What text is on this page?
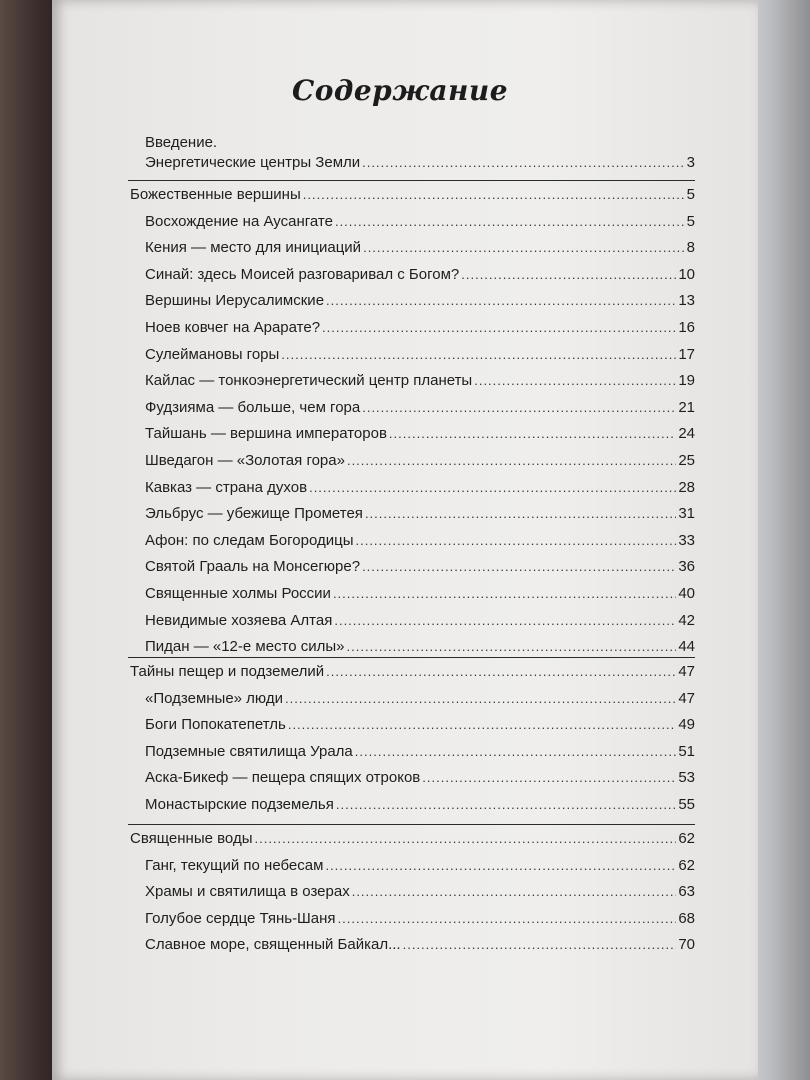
Содержание
Введение.
Энергетические центры Земли .....	3
Божественные вершины .....	5
Восхождение на Аусангате .....	5
Кения — место для инициаций .....	8
Синай: здесь Моисей разговаривал с Богом? .....	10
Вершины Иерусалимские .....	13
Ноев ковчег на Арарате? .....	16
Сулеймановы горы .....	17
Кайлас — тонкоэнергетический центр планеты .....	19
Фудзияма — больше, чем гора .....	21
Тайшань — вершина императоров .....	24
Шведагон — «Золотая гора» .....	25
Кавказ — страна духов .....	28
Эльбрус — убежище Прометея .....	31
Афон: по следам Богородицы .....	33
Святой Грааль на Монсегюре? .....	36
Священные холмы России .....	40
Невидимые хозяева Алтая .....	42
Пидан — «12-е место силы» .....	44
Тайны пещер и подземелий .....	47
«Подземные» люди .....	47
Боги Попокатепетль .....	49
Подземные святилища Урала .....	51
Аска-Бикеф — пещера спящих отроков .....	53
Монастырские подземелья .....	55
Священные воды .....	62
Ганг, текущий по небесам .....	62
Храмы и святилища в озерах .....	63
Голубое сердце Тянь-Шаня .....	68
Славное море, священный Байкал... .....	70
